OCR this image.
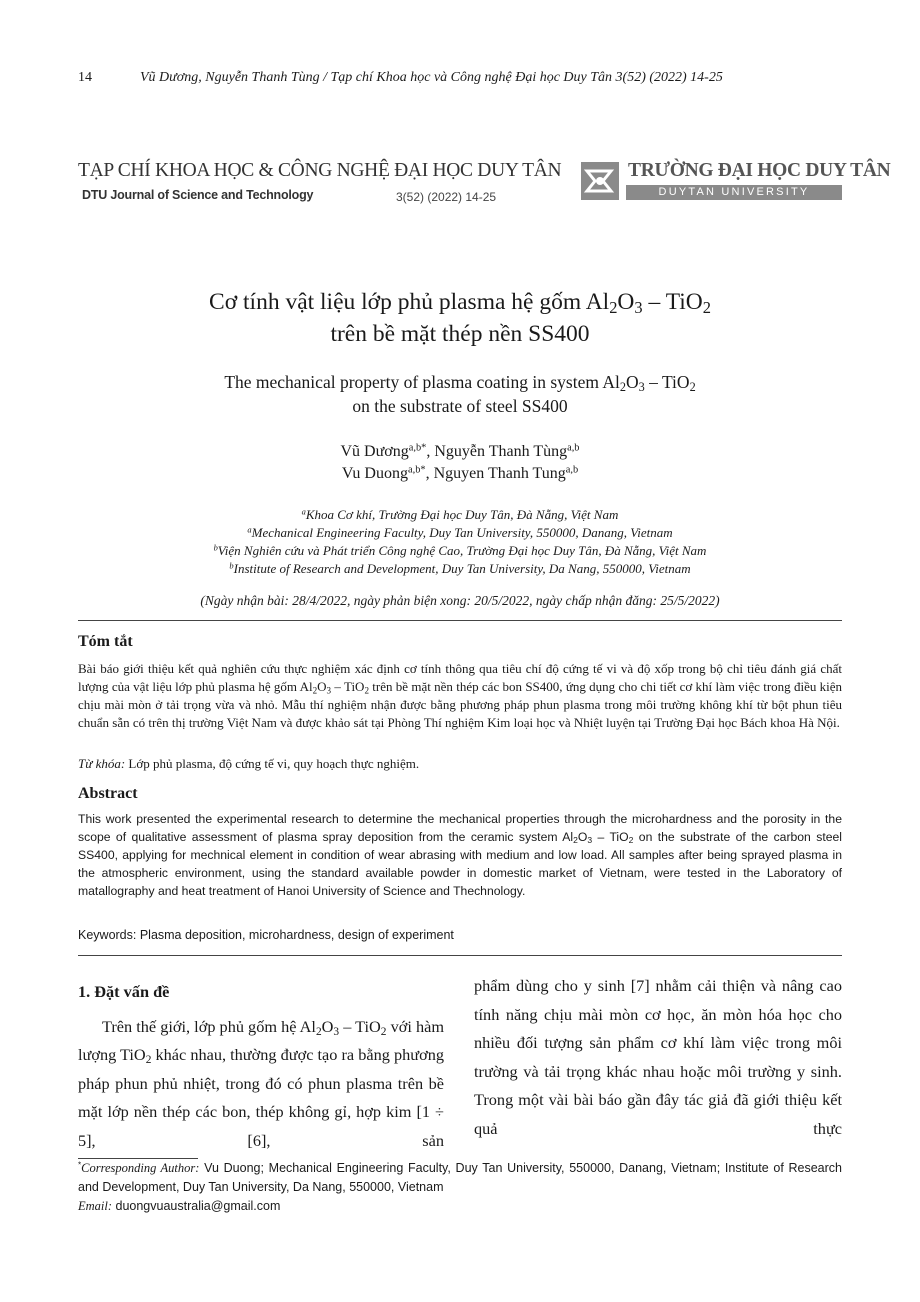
14	Vũ Dương, Nguyễn Thanh Tùng / Tạp chí Khoa học và Công nghệ Đại học Duy Tân 3(52) (2022) 14-25
TẠP CHÍ KHOA HỌC & CÔNG NGHỆ ĐẠI HỌC DUY TÂN
DTU Journal of Science and Technology	3(52) (2022) 14-25
TRƯỜNG ĐẠI HỌC DUY TÂN
DUYTAN UNIVERSITY
Cơ tính vật liệu lớp phủ plasma hệ gốm $Al_2O_3 - TiO_2$
trên bề mặt thép nền SS400
The mechanical property of plasma coating in system $Al_2O_3 - TiO_2$
on the substrate of steel SS400
Vũ Dương$^{a,b*}$, Nguyễn Thanh Tùng$^{a,b}$
Vu Duong$^{a,b*}$, Nguyen Thanh Tung$^{a,b}$
$^a$Khoa Cơ khí, Trường Đại học Duy Tân, Đà Nẵng, Việt Nam
$^a$Mechanical Engineering Faculty, Duy Tan University, 550000, Danang, Vietnam
$^b$Viện Nghiên cứu và Phát triển Công nghệ Cao, Trường Đại học Duy Tân, Đà Nẵng, Việt Nam
$^b$Institute of Research and Development, Duy Tan University, Da Nang, 550000, Vietnam
(Ngày nhận bài: 28/4/2022, ngày phản biện xong: 20/5/2022, ngày chấp nhận đăng: 25/5/2022)
Tóm tắt
Bài báo giới thiệu kết quả nghiên cứu thực nghiệm xác định cơ tính thông qua tiêu chí độ cứng tế vi và độ xốp trong bộ chỉ tiêu đánh giá chất lượng của vật liệu lớp phủ plasma hệ gốm $Al_2O_3 - TiO_2$ trên bề mặt nền thép các bon SS400, ứng dụng cho chi tiết cơ khí làm việc trong điều kiện chịu mài mòn ở tải trọng vừa và nhỏ. Mẫu thí nghiệm nhận được bằng phương pháp phun plasma trong môi trường không khí từ bột phun tiêu chuẩn sẵn có trên thị trường Việt Nam và được khảo sát tại Phòng Thí nghiệm Kim loại học và Nhiệt luyện tại Trường Đại học Bách khoa Hà Nội.
Từ khóa: Lớp phủ plasma, độ cứng tế vi, quy hoạch thực nghiệm.
Abstract
This work presented the experimental research to determine the mechanical properties through the microhardness and the porosity in the scope of qualitative assessment of plasma spray deposition from the ceramic system $Al_2O_3 - TiO_2$ on the substrate of the carbon steel SS400, applying for mechnical element in condition of wear abrasing with medium and low load. All samples after being sprayed plasma in the atmospheric environment, using the standard available powder in domestic market of Vietnam, were tested in the Laboratory of matallography and heat treatment of Hanoi University of Science and Thechnology.
Keywords: Plasma deposition, microhardness, design of experiment

1. Đặt vấn đề

Trên thế giới, lớp phủ gốm hệ $Al_2O_3 - TiO_2$ với hàm lượng TiO$_2$ khác nhau, thường được tạo ra bằng phương pháp phun phủ nhiệt, trong đó có phun plasma trên bề mặt lớp nền thép các bon, thép không gỉ, hợp kim [1 ÷ 5], [6], sản

phẩm dùng cho y sinh [7] nhằm cải thiện và nâng cao tính năng chịu mài mòn cơ học, ăn mòn hóa học cho nhiều đối tượng sản phẩm cơ khí làm việc trong môi trường và tải trọng khác nhau hoặc môi trường y sinh. Trong một vài bài báo gần đây tác giả đã giới thiệu kết quả thực

*Corresponding Author: Vu Duong; Mechanical Engineering Faculty, Duy Tan University, 550000, Danang, Vietnam; Institute of Research and Development, Duy Tan University, Da Nang, 550000, Vietnam
Email: duongvuaustralia@gmail.com
